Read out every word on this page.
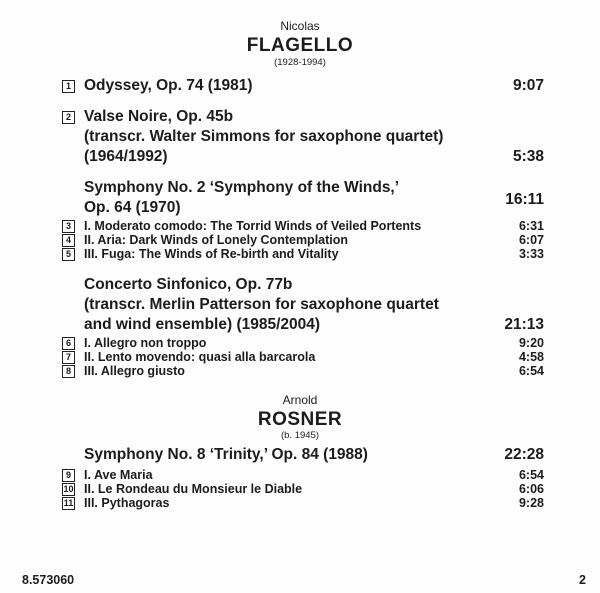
Nicolas
FLAGELLO
(1928-1994)
1 Odyssey, Op. 74 (1981)	9:07
2 Valse Noire, Op. 45b
(transcr. Walter Simmons for saxophone quartet)
(1964/1992)	5:38
Symphony No. 2 ‘Symphony of the Winds,’
Op. 64 (1970)	16:11
3	I. Moderato comodo: The Torrid Winds of Veiled Portents	6:31
4	II. Aria: Dark Winds of Lonely Contemplation	6:07
5	III. Fuga: The Winds of Re-birth and Vitality	3:33
Concerto Sinfonico, Op. 77b
(transcr. Merlin Patterson for saxophone quartet
and wind ensemble) (1985/2004)	21:13
6	I. Allegro non troppo	9:20
7	II. Lento movendo: quasi alla barcarola	4:58
8	III. Allegro giusto	6:54
Arnold
ROSNER
(b. 1945)
Symphony No. 8 ‘Trinity,’ Op. 84 (1988)	22:28
9	I. Ave Maria	6:54
10 II. Le Rondeau du Monsieur le Diable	6:06
11 III. Pythagoras	9:28
8.573060	2
